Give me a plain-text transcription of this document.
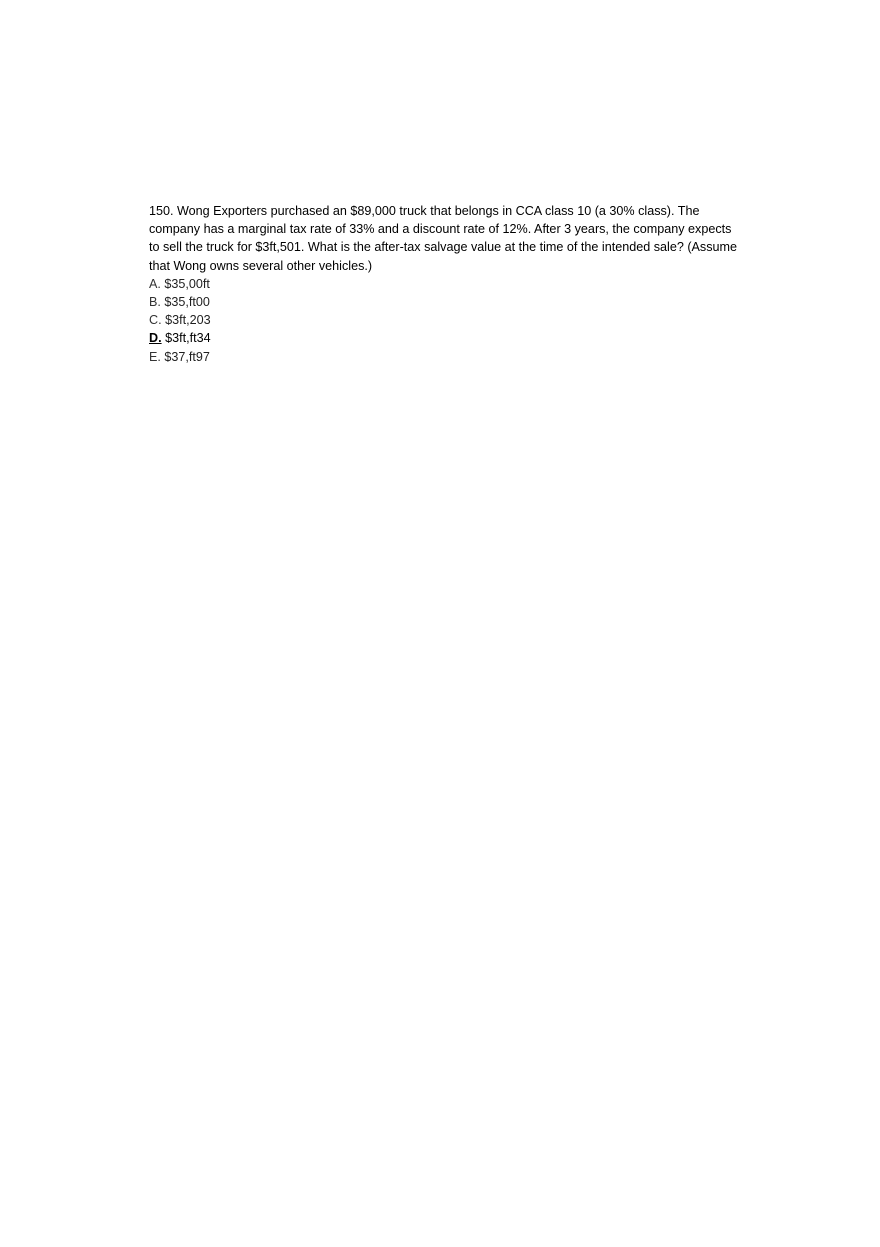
150. Wong Exporters purchased an $89,000 truck that belongs in CCA class 10 (a 30% class). The company has a marginal tax rate of 33% and a discount rate of 12%. After 3 years, the company expects to sell the truck for $3ft,501. What is the after-tax salvage value at the time of the intended sale? (Assume that Wong owns several other vehicles.)

A. $35,00ft
B. $35,ft00
C. $3ft,203
D. $3ft,ft34
E. $37,ft97
